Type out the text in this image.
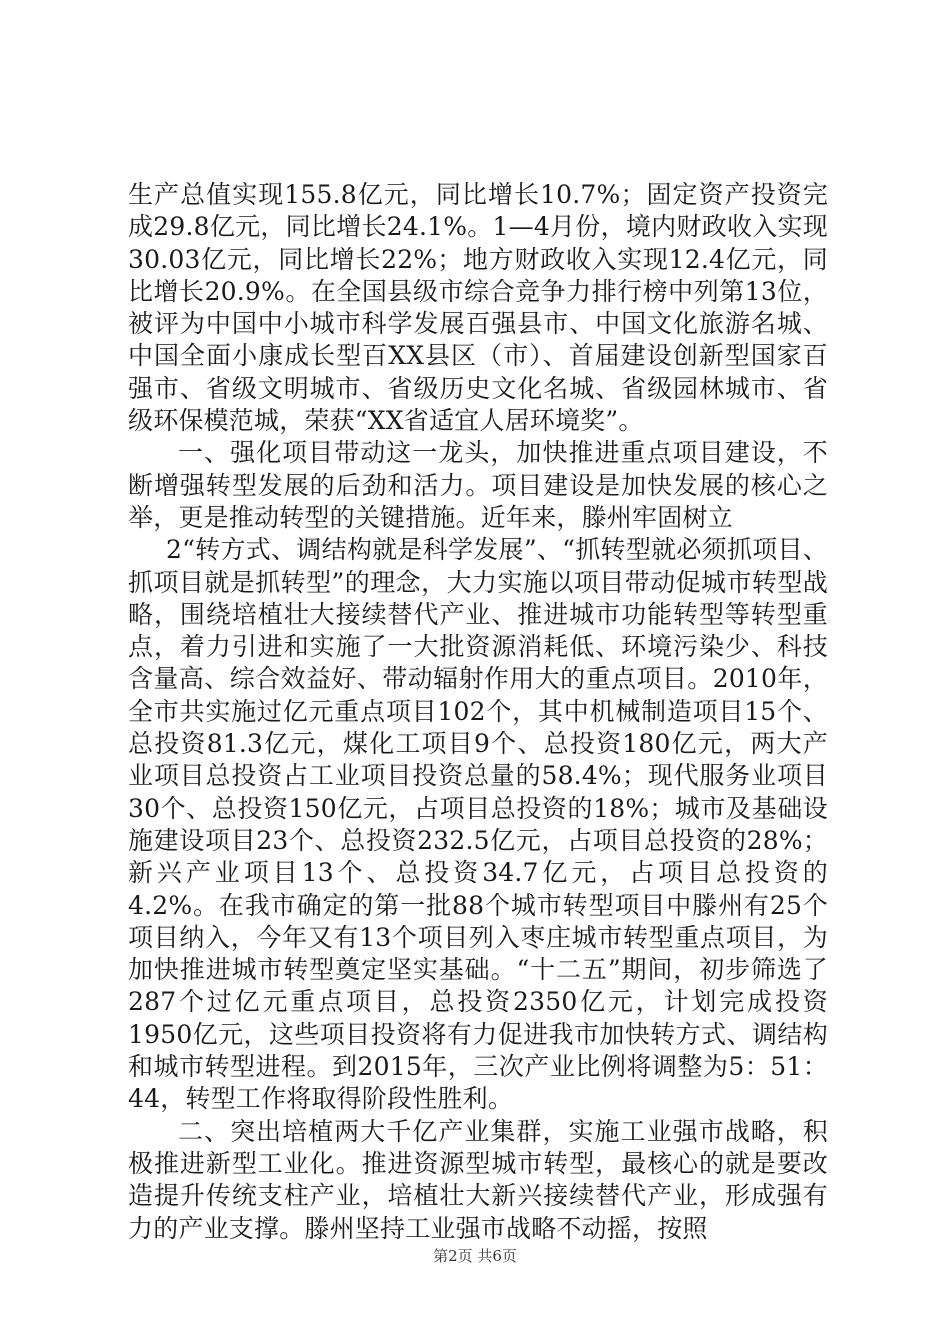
生产总值实现155.8亿元，同比增长10.7%；固定资产投资完成29.8亿元，同比增长24.1%。1—4月份，境内财政收入实现30.03亿元，同比增长22%；地方财政收入实现12.4亿元，同比增长20.9%。在全国县级市综合竞争力排行榜中列第13位，被评为中国中小城市科学发展百强县市、中国文化旅游名城、中国全面小康成长型百XX县区（市）、首届建设创新型国家百强市、省级文明城市、省级历史文化名城、省级园林城市、省级环保模范城，荣获“XX省适宜人居环境奖”。

一、强化项目带动这一龙头，加快推进重点项目建设，不断增强转型发展的后劲和活力。项目建设是加快发展的核心之举，更是推动转型的关键措施。近年来，滕州牢固树立

2“转方式、调结构就是科学发展”、“抓转型就必须抓项目、抓项目就是抓转型”的理念，大力实施以项目带动促城市转型战略，围绕培植壮大接续替代产业、推进城市功能转型等转型重点，着力引进和实施了一大批资源消耗低、环境污染少、科技含量高、综合效益好、带动辐射作用大的重点项目。2010年，全市共实施过亿元重点项目102个，其中机械制造项目15个、总投资81.3亿元，煤化工项目9个、总投资180亿元，两大产业项目总投资占工业项目投资总量的58.4%；现代服务业项目30个、总投资150亿元，占项目总投资的18%；城市及基础设施建设项目23个、总投资232.5亿元，占项目总投资的28%；新兴产业项目13个、总投资34.7亿元，占项目总投资的4.2%。在我市确定的第一批88个城市转型项目中滕州有25个项目纳入，今年又有13个项目列入枣庄城市转型重点项目，为加快推进城市转型奠定坚实基础。“十二五”期间，初步筛选了287个过亿元重点项目，总投资2350亿元，计划完成投资1950亿元，这些项目投资将有力促进我市加快转方式、调结构和城市转型进程。到2015年，三次产业比例将调整为5：51：44，转型工作将取得阶段性胜利。

二、突出培植两大千亿产业集群，实施工业强市战略，积极推进新型工业化。推进资源型城市转型，最核心的就是要改造提升传统支柱产业，培植壮大新兴接续替代产业，形成强有力的产业支撑。滕州坚持工业强市战略不动摇，按照

第2页 共6页
